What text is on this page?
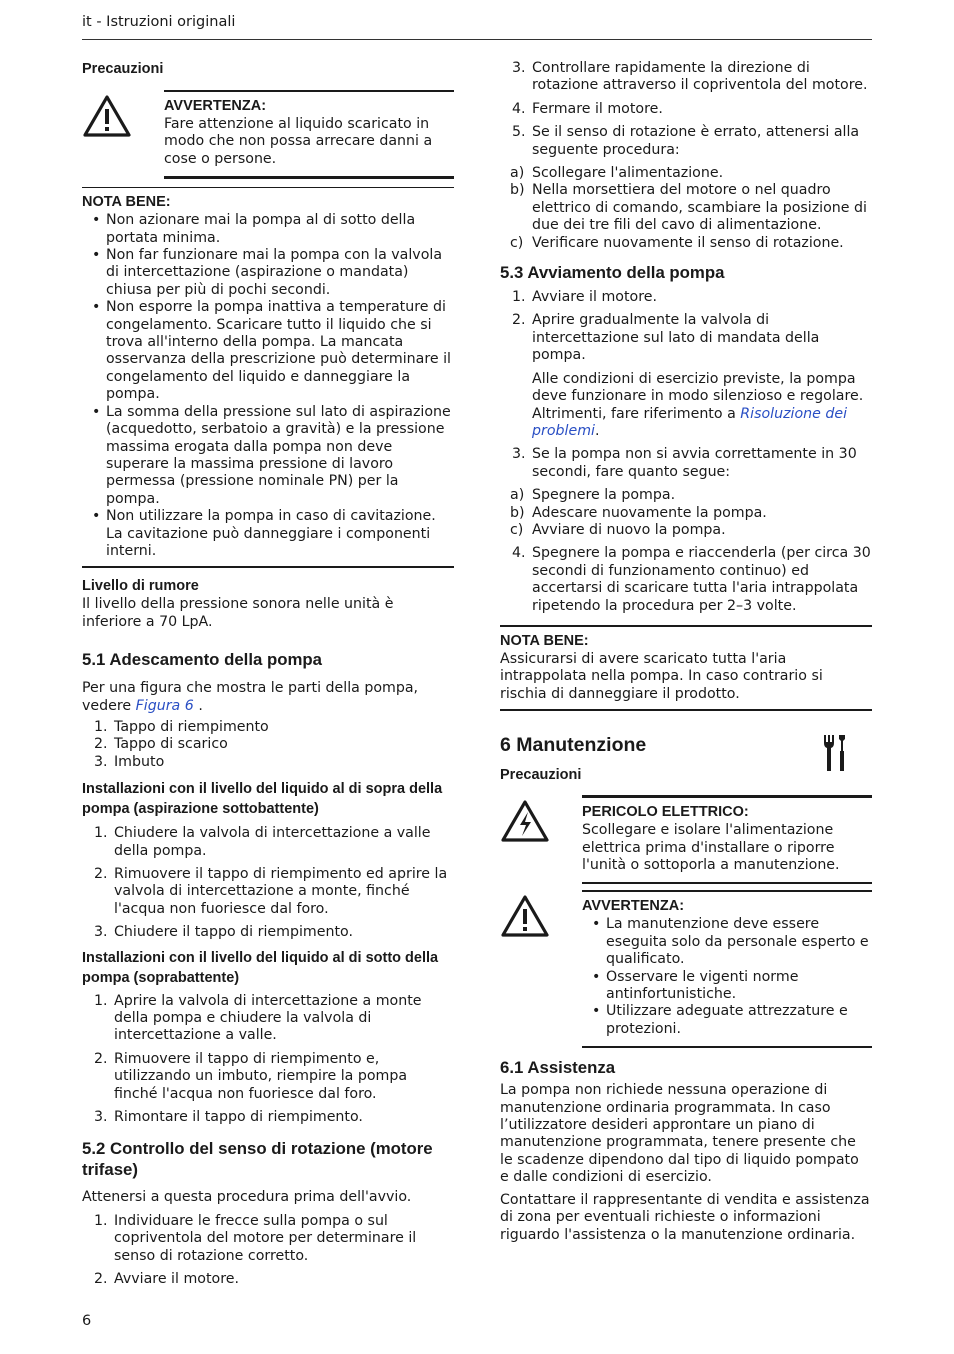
it - Istruzioni originali
Precauzioni
AVVERTENZA:

Fare attenzione al liquido scaricato in modo che non possa arrecare danni a cose o persone.

NOTA BENE:
• Non azionare mai la pompa al di sotto della portata minima.
• Non far funzionare mai la pompa con la valvola di intercettazione (aspirazione o mandata) chiusa per più di pochi secondi.
• Non esporre la pompa inattiva a temperature di congelamento. Scaricare tutto il liquido che si trova all'interno della pompa. La mancata osservanza della prescrizione può determinare il congelamento del liquido e danneggiare la pompa.
• La somma della pressione sul lato di aspirazione (acquedotto, serbatoio a gravità) e la pressione massima erogata dalla pompa non deve superare la massima pressione di lavoro permessa (pressione nominale PN) per la pompa.
• Non utilizzare la pompa in caso di cavitazione. La cavitazione può danneggiare i componenti interni.
Livello di rumore

Il livello della pressione sonora nelle unità è inferiore a 70 LpA.

5.1 Adescamento della pompa

Per una figura che mostra le parti della pompa, vedere Figura 6 .

1. Tappo di riempimento
2. Tappo di scarico
3. Imbuto
Installazioni con il livello del liquido al di sopra della pompa (aspirazione sottobattente)
1. Chiudere la valvola di intercettazione a valle della pompa.
2. Rimuovere il tappo di riempimento ed aprire la valvola di intercettazione a monte, finché l'acqua non fuoriesce dal foro.
3. Chiudere il tappo di riempimento.
Installazioni con il livello del liquido al di sotto della pompa (soprabattente)
1. Aprire la valvola di intercettazione a monte della pompa e chiudere la valvola di intercettazione a valle.
2. Rimuovere il tappo di riempimento e, utilizzando un imbuto, riempire la pompa finché l'acqua non fuoriesce dal foro.
3. Rimontare il tappo di riempimento.
5.2 Controllo del senso di rotazione (motore trifase)

Attenersi a questa procedura prima dell'avvio.

1. Individuare le frecce sulla pompa o sul copriventola del motore per determinare il senso di rotazione corretto.
2. Avviare il motore.
3. Controllare rapidamente la direzione di rotazione attraverso il copriventola del motore.
4. Fermare il motore.
5. Se il senso di rotazione è errato, attenersi alla seguente procedura:
a) Scollegare l'alimentazione.
b) Nella morsettiera del motore o nel quadro elettrico di comando, scambiare la posizione di due dei tre fili del cavo di alimentazione.
c) Verificare nuovamente il senso di rotazione.
5.3 Avviamento della pompa
1. Avviare il motore.
2. Aprire gradualmente la valvola di intercettazione sul lato di mandata della pompa.

Alle condizioni di esercizio previste, la pompa deve funzionare in modo silenzioso e regolare. Altrimenti, fare riferimento a Risoluzione dei problemi.

3. Se la pompa non si avvia correttamente in 30 secondi, fare quanto segue:
a) Spegnere la pompa.
b) Adescare nuovamente la pompa.
c) Avviare di nuovo la pompa.
4. Spegnere la pompa e riaccenderla (per circa 30 secondi di funzionamento continuo) ed accertarsi di scaricare tutta l'aria intrappolata ripetendo la procedura per 2–3 volte.
NOTA BENE:

Assicurarsi di avere scaricato tutta l'aria intrappolata nella pompa. In caso contrario si rischia di danneggiare il prodotto.

6 Manutenzione
Precauzioni
PERICOLO ELETTRICO:

Scollegare e isolare l'alimentazione elettrica prima d'installare o riporre l'unità o sottoporla a manutenzione.

AVVERTENZA:
• La manutenzione deve essere eseguita solo da personale esperto e qualificato.
• Osservare le vigenti norme antinfortunistiche.
• Utilizzare adeguate attrezzature e protezioni.
6.1 Assistenza

La pompa non richiede nessuna operazione di manutenzione ordinaria programmata. In caso l’utilizzatore desideri approntare un piano di manutenzione programmata, tenere presente che le scadenze dipendono dal tipo di liquido pompato e dalle condizioni di esercizio.

Contattare il rappresentante di vendita e assistenza di zona per eventuali richieste o informazioni riguardo l'assistenza o la manutenzione ordinaria.

6
